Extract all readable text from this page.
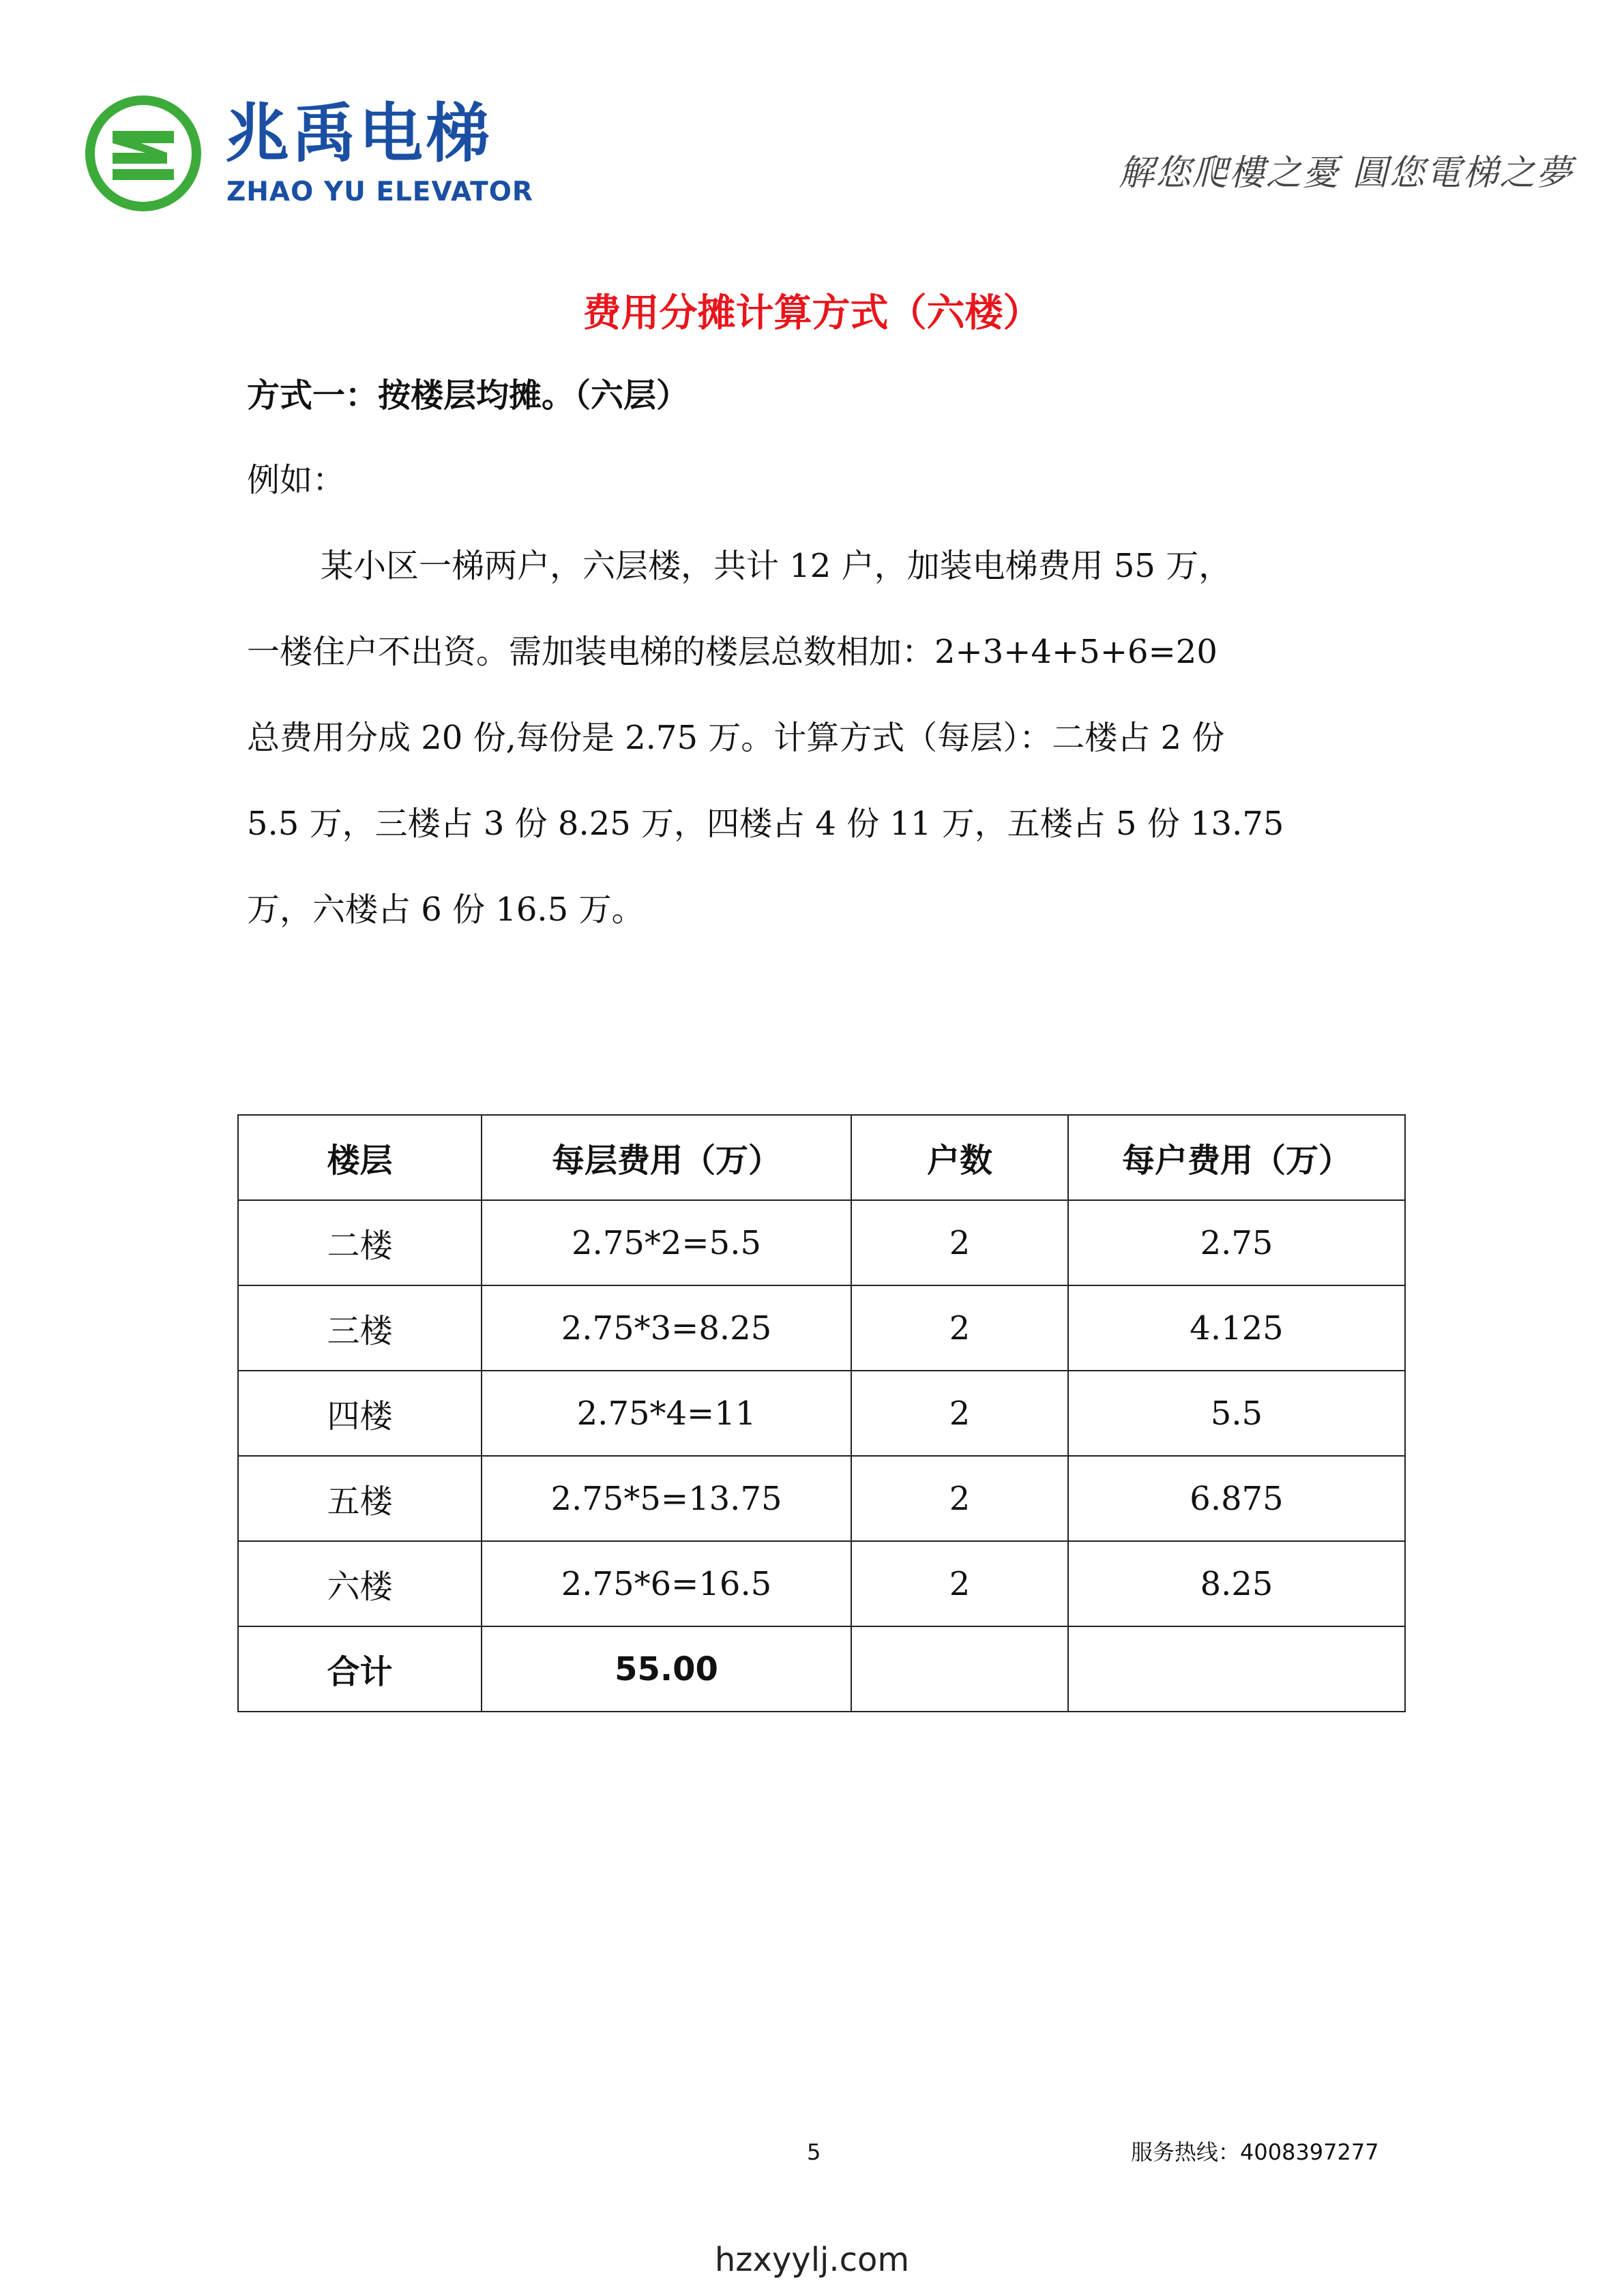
兆禹电梯
ZHAO YU ELEVATOR	解您爬樓之憂 圓您電梯之夢
费用分摊计算方式（六楼）
方式一：按楼层均摊。（六层）
例如：
某小区一梯两户，六层楼，共计 12 户，加装电梯费用 55 万，
一楼住户不出资。需加装电梯的楼层总数相加：2+3+4+5+6=20
总费用分成 20 份,每份是 2.75 万。计算方式（每层）：二楼占 2 份
5.5 万，三楼占 3 份 8.25 万，四楼占 4 份 11 万，五楼占 5 份 13.75
万，六楼占 6 份 16.5 万。
楼层	每层费用（万）	户数	每户费用（万）
二楼	2.75*2=5.5	2	2.75
三楼	2.75*3=8.25	2	4.125
四楼	2.75*4=11	2	5.5
五楼	2.75*5=13.75	2	6.875
六楼	2.75*6=16.5	2	8.25
合计	55.00		
5	服务热线：4008397277
hzxyylj.com
